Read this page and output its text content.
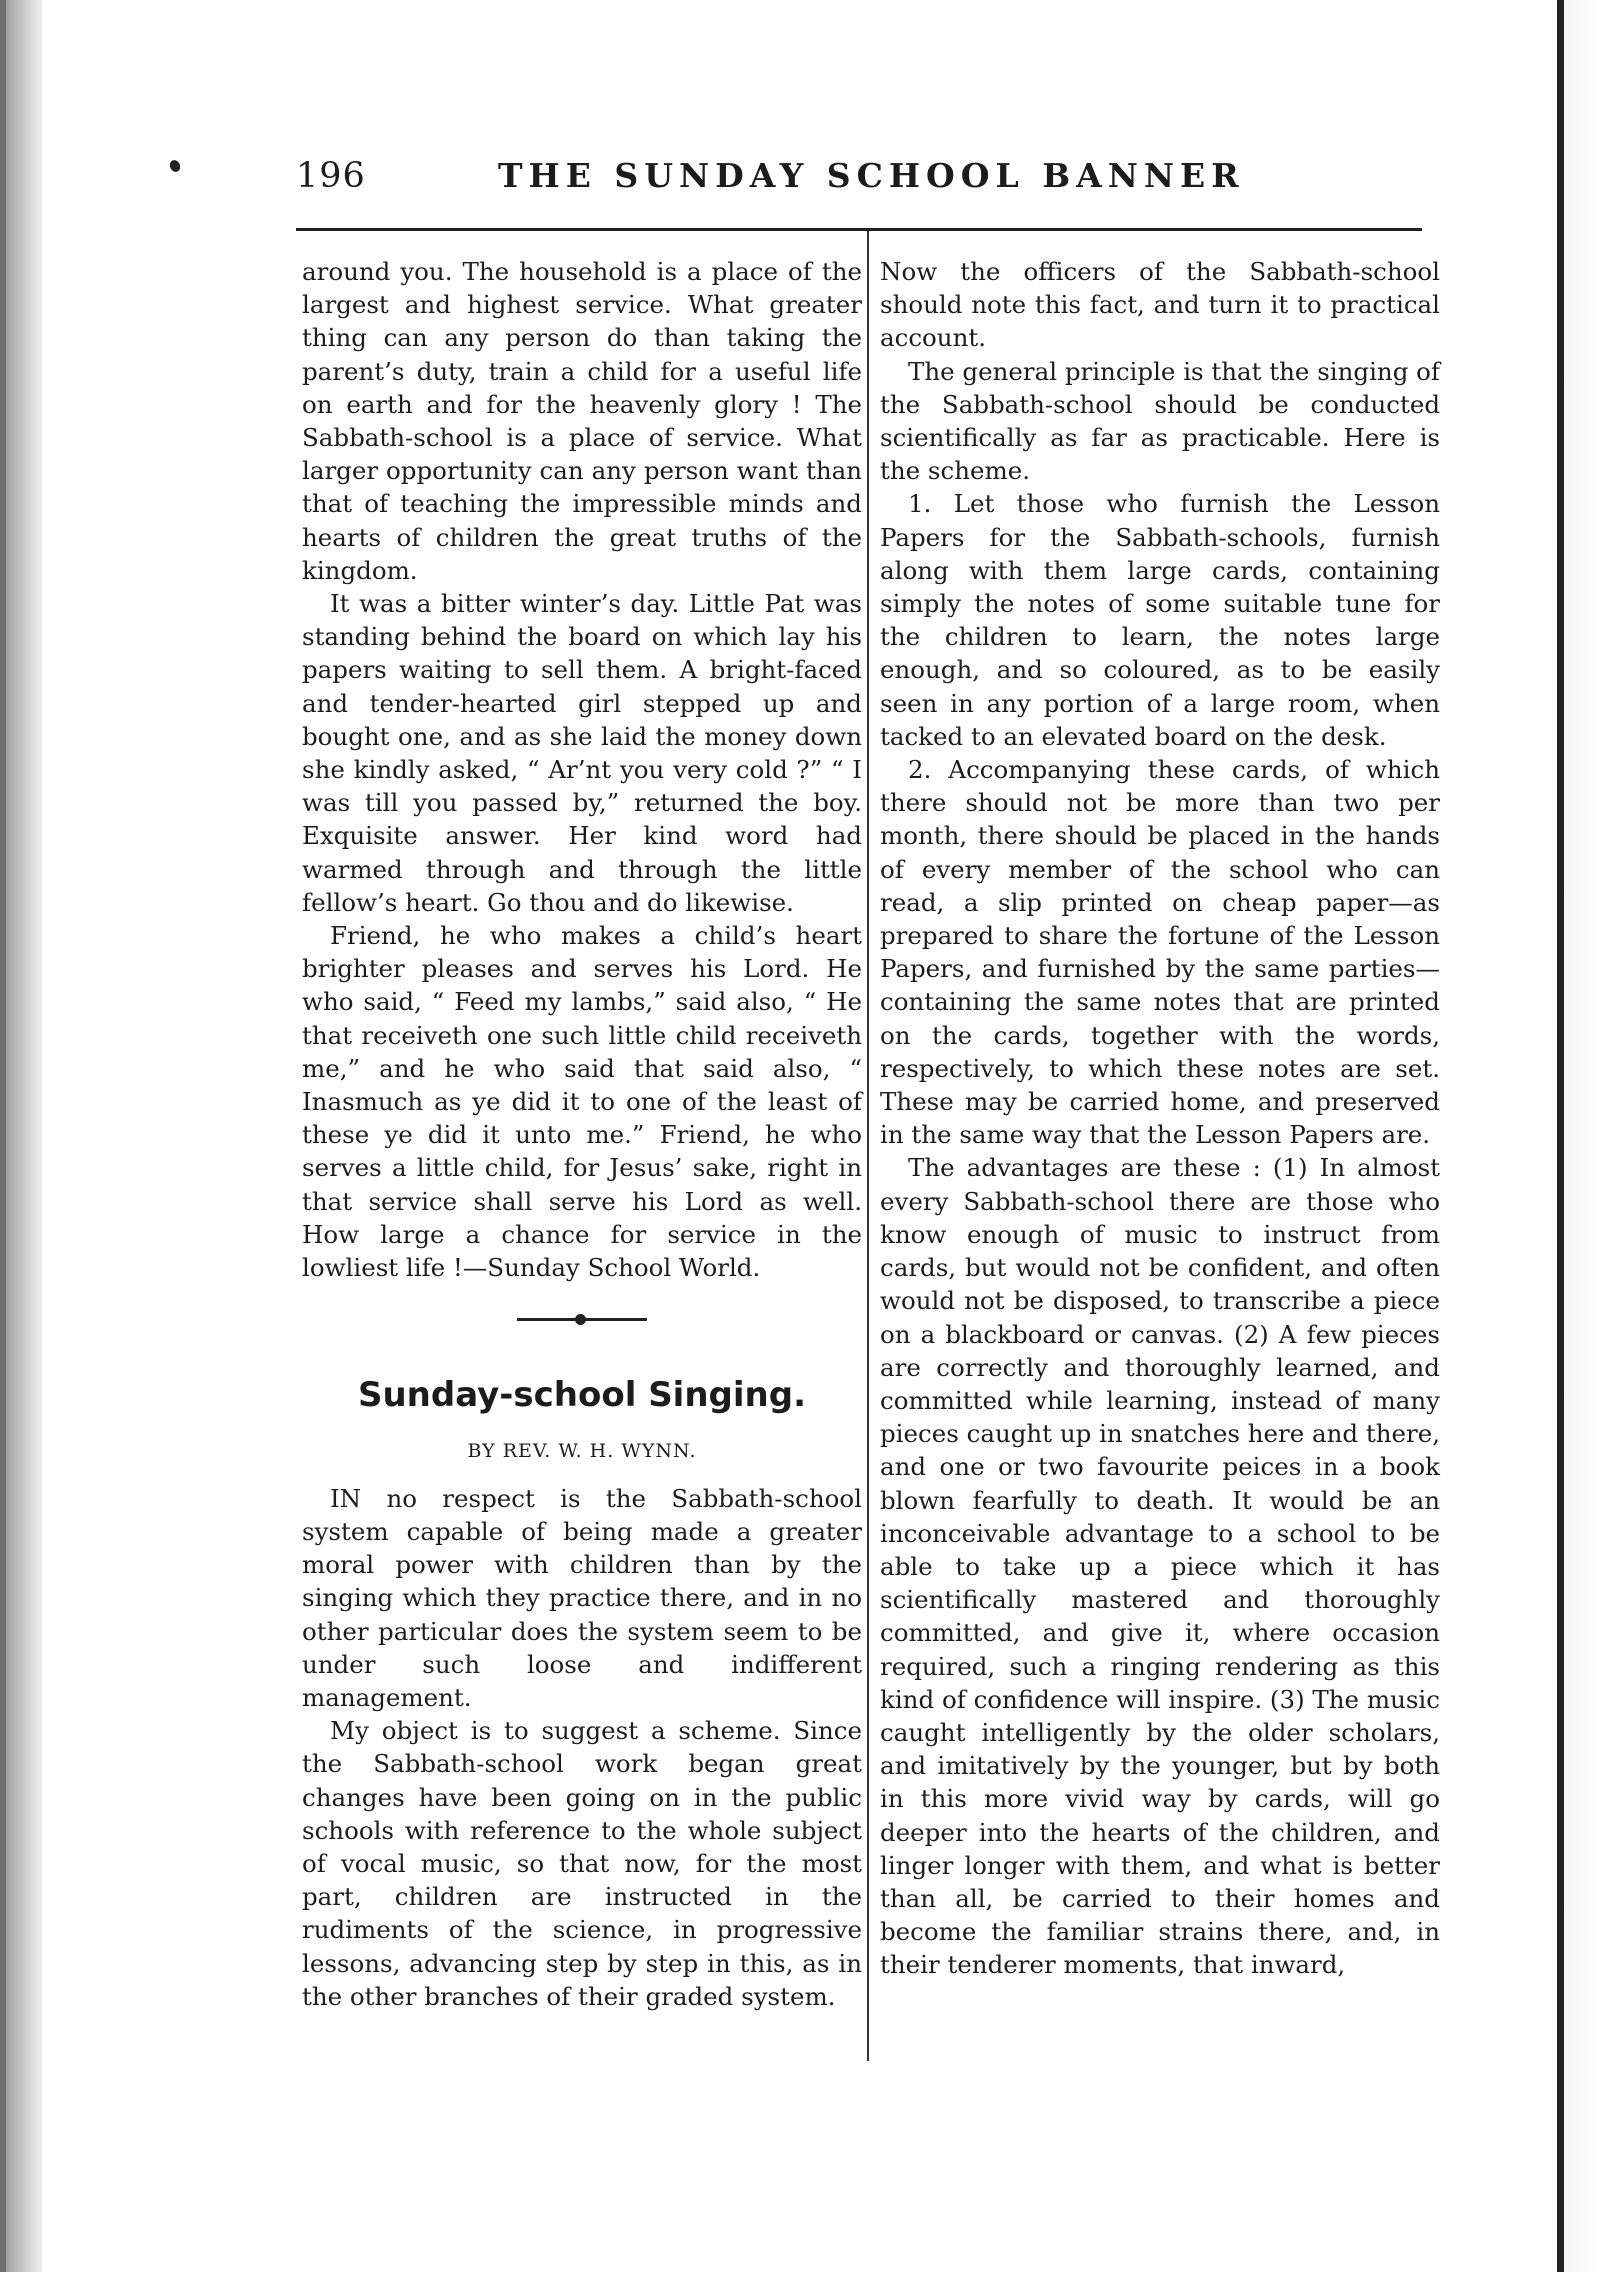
196	THE SUNDAY SCHOOL BANNER

around you. The household is a place of the largest and highest service. What greater thing can any person do than taking the parent’s duty, train a child for a useful life on earth and for the heavenly glory ! The Sabbath-school is a place of service. What larger opportunity can any person want than that of teaching the impressible minds and hearts of children the great truths of the kingdom.

It was a bitter winter’s day. Little Pat was standing behind the board on which lay his papers waiting to sell them. A bright-faced and tender-hearted girl stepped up and bought one, and as she laid the money down she kindly asked, “ Ar’nt you very cold ?” “ I was till you passed by,” returned the boy. Exquisite answer. Her kind word had warmed through and through the little fellow’s heart. Go thou and do likewise.

Friend, he who makes a child’s heart brighter pleases and serves his Lord. He who said, “ Feed my lambs,” said also, “ He that receiveth one such little child receiveth me,” and he who said that said also, “ Inasmuch as ye did it to one of the least of these ye did it unto me.” Friend, he who serves a little child, for Jesus’ sake, right in that service shall serve his Lord as well. How large a chance for service in the lowliest life !—Sunday School World.

Sunday-school Singing.
BY REV. W. H. WYNN.

IN no respect is the Sabbath-school system capable of being made a greater moral power with children than by the singing which they practice there, and in no other particular does the system seem to be under such loose and indifferent management.

My object is to suggest a scheme. Since the Sabbath-school work began great changes have been going on in the public schools with reference to the whole subject of vocal music, so that now, for the most part, children are instructed in the rudiments of the science, in progressive lessons, advancing step by step in this, as in the other branches of their graded system.

Now the officers of the Sabbath-school should note this fact, and turn it to practical account.

The general principle is that the singing of the Sabbath-school should be conducted scientifically as far as practicable. Here is the scheme.

1. Let those who furnish the Lesson Papers for the Sabbath-schools, furnish along with them large cards, containing simply the notes of some suitable tune for the children to learn, the notes large enough, and so coloured, as to be easily seen in any portion of a large room, when tacked to an elevated board on the desk.

2. Accompanying these cards, of which there should not be more than two per month, there should be placed in the hands of every member of the school who can read, a slip printed on cheap paper—as prepared to share the fortune of the Lesson Papers, and furnished by the same parties—containing the same notes that are printed on the cards, together with the words, respectively, to which these notes are set. These may be carried home, and preserved in the same way that the Lesson Papers are.

The advantages are these : (1) In almost every Sabbath-school there are those who know enough of music to instruct from cards, but would not be confident, and often would not be disposed, to transcribe a piece on a blackboard or canvas. (2) A few pieces are correctly and thoroughly learned, and committed while learning, instead of many pieces caught up in snatches here and there, and one or two favourite peices in a book blown fearfully to death. It would be an inconceivable advantage to a school to be able to take up a piece which it has scientifically mastered and thoroughly committed, and give it, where occasion required, such a ringing rendering as this kind of confidence will inspire. (3) The music caught intelligently by the older scholars, and imitatively by the younger, but by both in this more vivid way by cards, will go deeper into the hearts of the children, and linger longer with them, and what is better than all, be carried to their homes and become the familiar strains there, and, in their tenderer moments, that inward,
